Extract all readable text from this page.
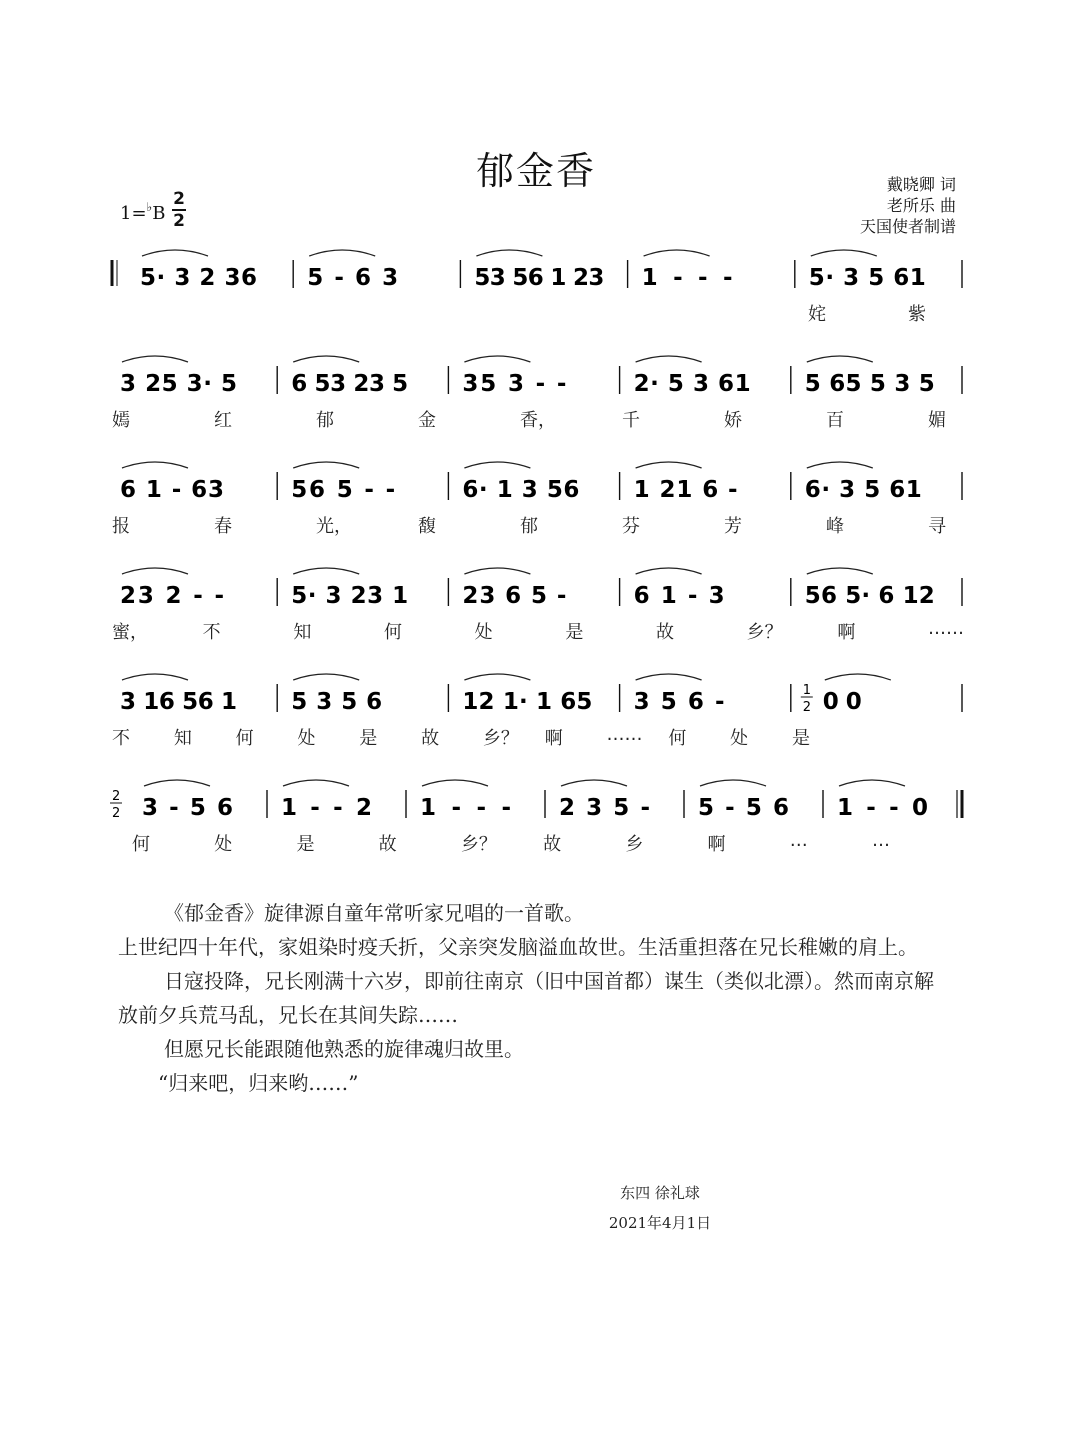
郁金香	戴晓卿 词
老所乐 曲
天国使者制谱
1=♭B
2
2
5· 3 2 36 5 - 6 3	53 56 1 23 1 - - -	5· 3 5 61
姹	紫
3 25 3· 5 6 53 23 5 35 3 - -	2· 5 3 61 5 65 5 3 5
嫣	红	郁	金	香，	千	娇	百	媚
6 1 - 63	56 5 - -	6· 1 3 56 1 21 6 -	6· 3 5 61
报	春	光，	馥	郁	芬	芳	峰	寻
23 2 - -	5· 3 23 1 23 6 5 -	6 1 - 3	56 5· 6 12
蜜，	不	知	何	处	是	故	乡？	啊	……
3 16 56 1 5 3 5 6	12 1· 1 65 3 5 6 -	1
2 0 0
不 知 何 处 是 故 乡？ 啊 …… 何 处 是
2
2 3 - 5 6 1 - - 2 1 - - - 2 3 5 - 5 - 5 6 1 - - 0
何	处	是	故	乡？	故	乡	啊	…	…

《郁金香》旋律源自童年常听家兄唱的一首歌。

上世纪四十年代，家姐染时疫夭折，父亲突发脑溢血故世。生活重担落在兄长稚嫩的肩上。

日寇投降，兄长刚满十六岁，即前往南京（旧中国首都）谋生（类似北漂）。然而南京解放前夕兵荒马乱，兄长在其间失踪……

但愿兄长能跟随他熟悉的旋律魂归故里。

“归来吧，归来哟……”

东四 徐礼球
2021年4月1日
